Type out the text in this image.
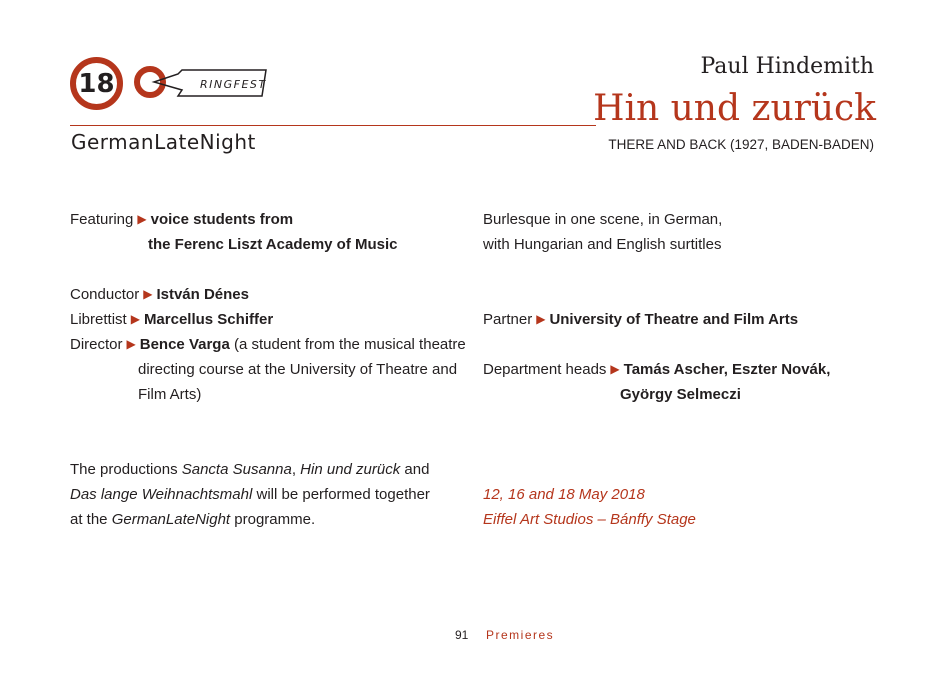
18	RINGFEST
GermanLateNight
Paul Hindemith
Hin und zurück
THERE AND BACK (1927, BADEN-BADEN)
Featuring ▶ voice students from
the Ferenc Liszt Academy of Music
Conductor ▶ István Dénes
Librettist ▶ Marcellus Schiffer
Director ▶ Bence Varga (a student from the musical theatre
directing course at the University of Theatre and
Film Arts)
The productions Sancta Susanna, Hin und zurück and
Das lange Weihnachtsmahl will be performed together
at the GermanLateNight programme.
Burlesque in one scene, in German,
with Hungarian and English surtitles
Partner ▶ University of Theatre and Film Arts
Department heads ▶ Tamás Ascher, Eszter Novák,
György Selmeczi
12, 16 and 18 May 2018
Eiffel Art Studios – Bánffy Stage
91 Premieres
